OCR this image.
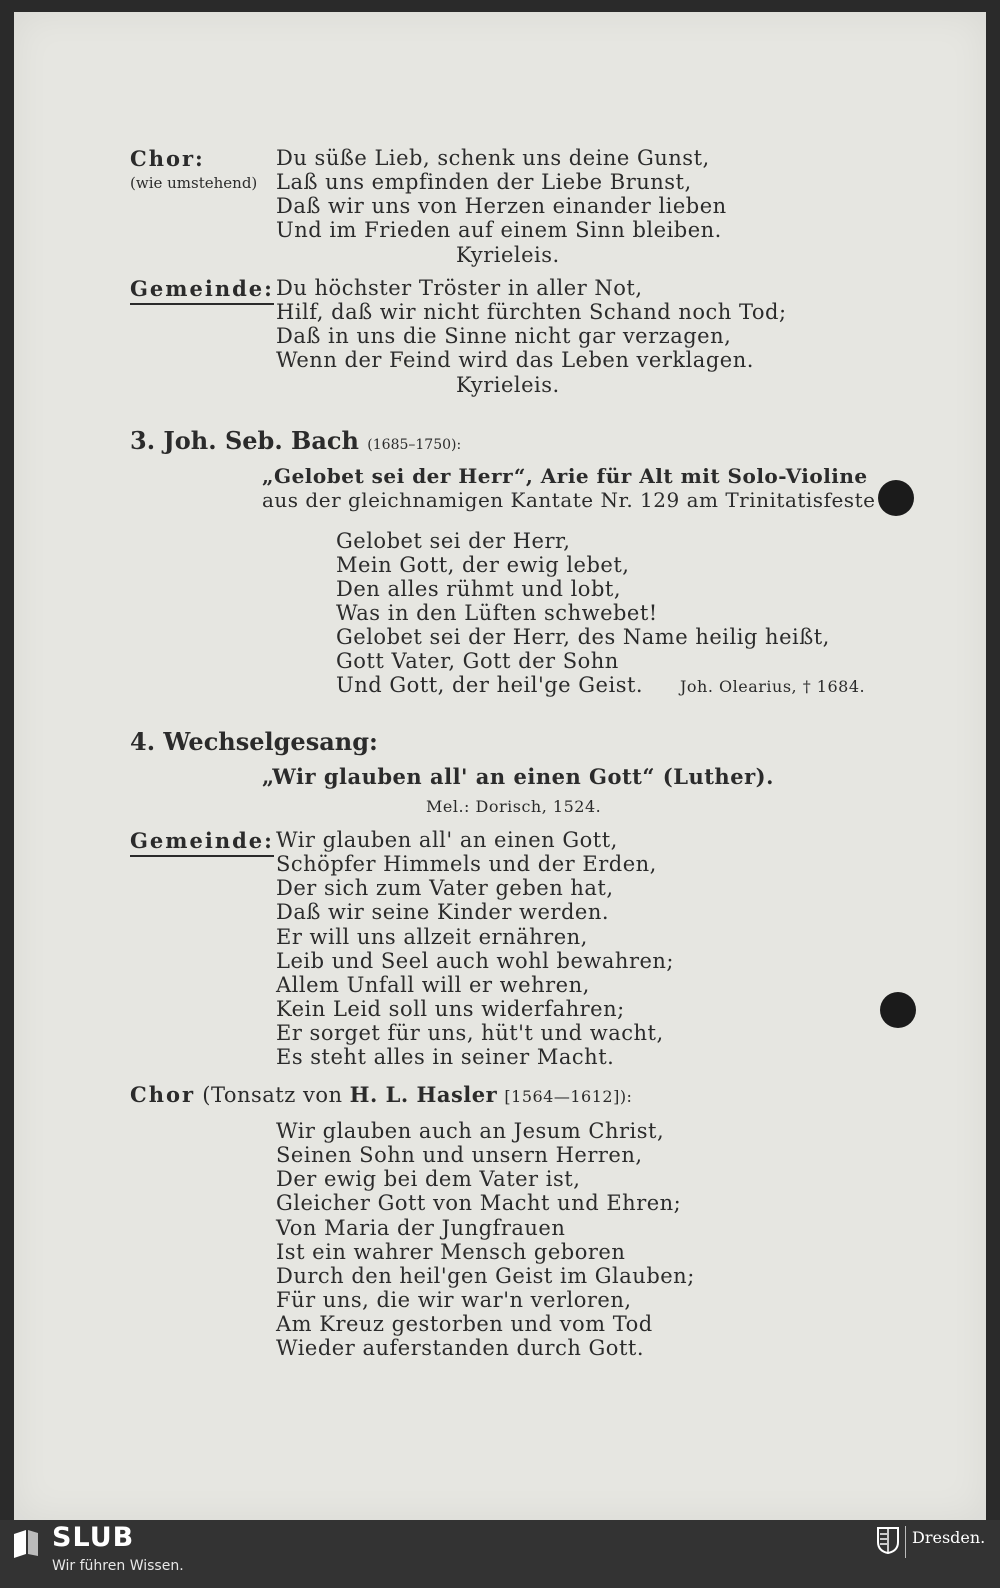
Chor:
(wie umstehend)
Du süße Lieb, schenk uns deine Gunst,
Laß uns empfinden der Liebe Brunst,
Daß wir uns von Herzen einander lieben
Und im Frieden auf einem Sinn bleiben.
Kyrieleis.
Gemeinde: Du höchster Tröster in aller Not,
Hilf, daß wir nicht fürchten Schand noch Tod;
Daß in uns die Sinne nicht gar verzagen,
Wenn der Feind wird das Leben verklagen.
Kyrieleis.
3. Joh. Seb. Bach (1685–1750):
„Gelobet sei der Herr“, Arie für Alt mit Solo-Violine
aus der gleichnamigen Kantate Nr. 129 am Trinitatisfeste
Gelobet sei der Herr,
Mein Gott, der ewig lebet,
Den alles rühmt und lobt,
Was in den Lüften schwebet!
Gelobet sei der Herr, des Name heilig heißt,
Gott Vater, Gott der Sohn
Und Gott, der heil'ge Geist. Joh. Olearius, † 1684.
4. Wechselgesang:
„Wir glauben all' an einen Gott“ (Luther).
Mel.: Dorisch, 1524.
Gemeinde: Wir glauben all' an einen Gott,
Schöpfer Himmels und der Erden,
Der sich zum Vater geben hat,
Daß wir seine Kinder werden.
Er will uns allzeit ernähren,
Leib und Seel auch wohl bewahren;
Allem Unfall will er wehren,
Kein Leid soll uns widerfahren;
Er sorget für uns, hüt't und wacht,
Es steht alles in seiner Macht.
Chor (Tonsatz von H. L. Hasler [1564—1612]):
Wir glauben auch an Jesum Christ,
Seinen Sohn und unsern Herren,
Der ewig bei dem Vater ist,
Gleicher Gott von Macht und Ehren;
Von Maria der Jungfrauen
Ist ein wahrer Mensch geboren
Durch den heil'gen Geist im Glauben;
Für uns, die wir war'n verloren,
Am Kreuz gestorben und vom Tod
Wieder auferstanden durch Gott.
SLUB
Wir führen Wissen.
Dresden.
